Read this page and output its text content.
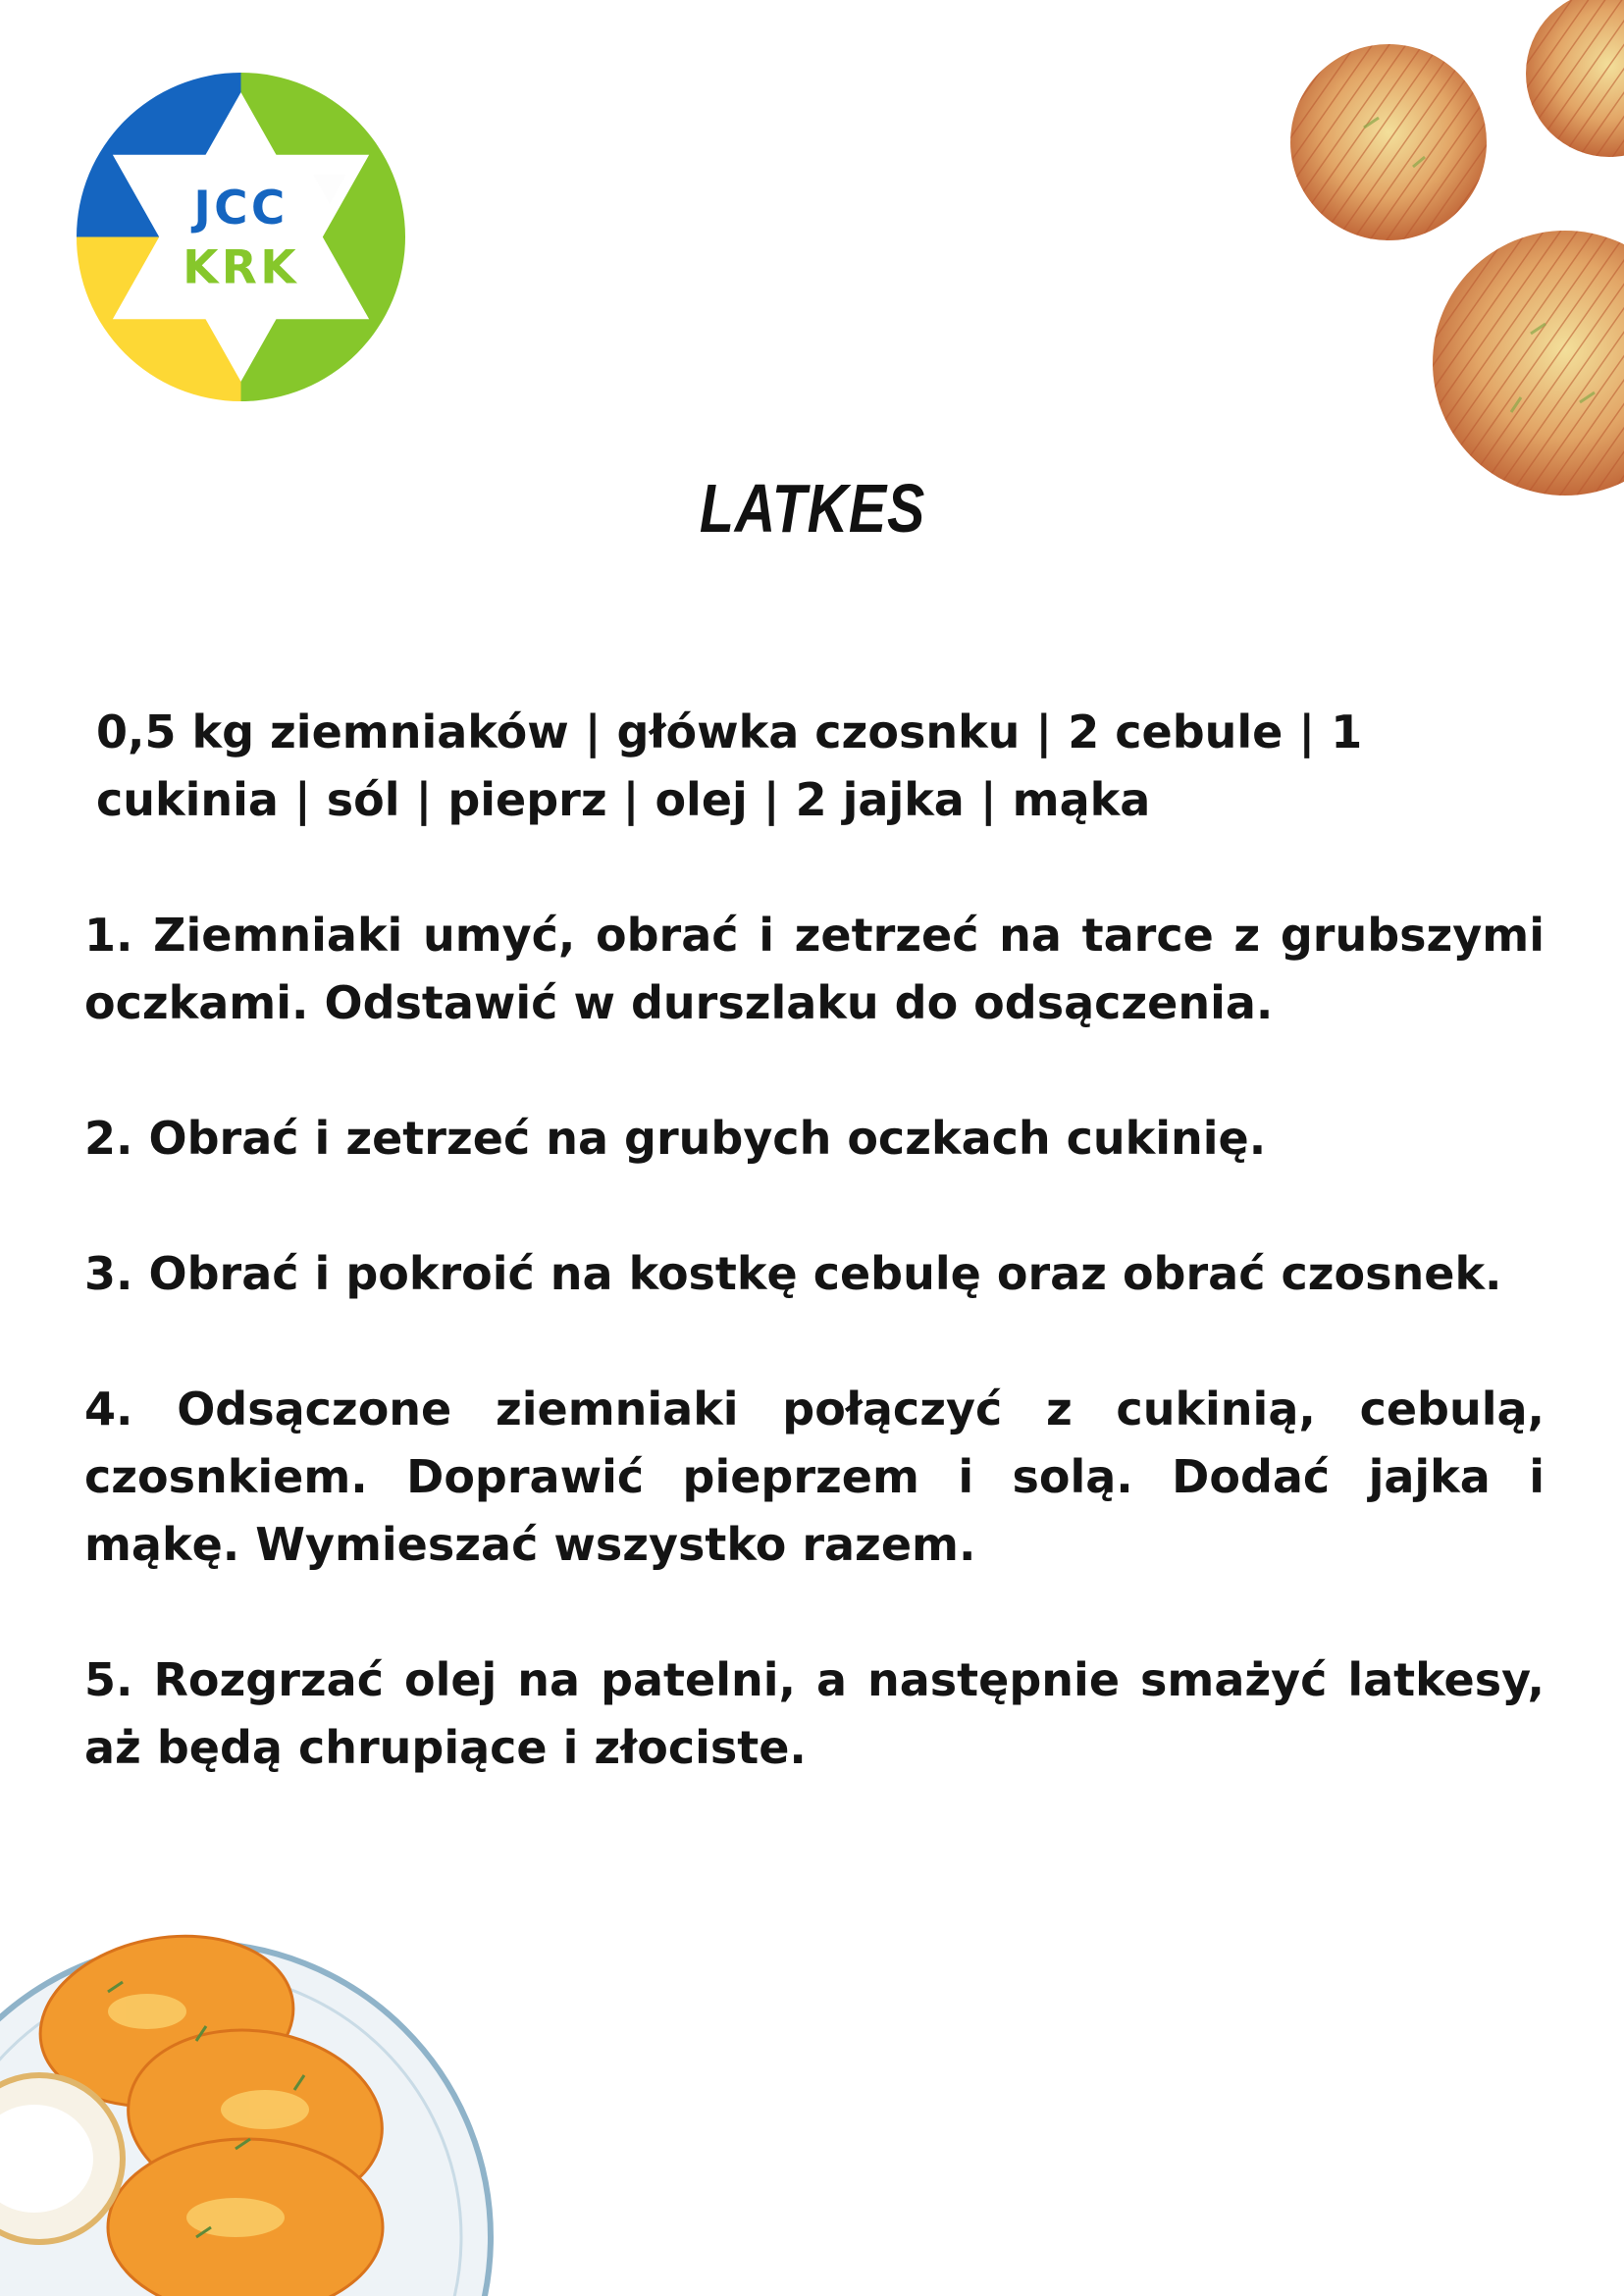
JCC
KRK
LATKES

0,5 kg ziemniaków | główka czosnku | 2 cebule | 1 cukinia | sól | pieprz | olej | 2 jajka | mąka

1. Ziemniaki umyć, obrać i zetrzeć na tarce z grubszymi oczkami. Odstawić w durszlaku do odsączenia.

2. Obrać i zetrzeć na grubych oczkach cukinię.

3. Obrać i pokroić na kostkę cebulę oraz obrać czosnek.

4. Odsączone ziemniaki połączyć z cukinią, cebulą, czosnkiem. Doprawić pieprzem i solą. Dodać jajka i mąkę. Wymieszać wszystko razem.

5. Rozgrzać olej na patelni, a następnie smażyć latkesy, aż będą chrupiące i złociste.
